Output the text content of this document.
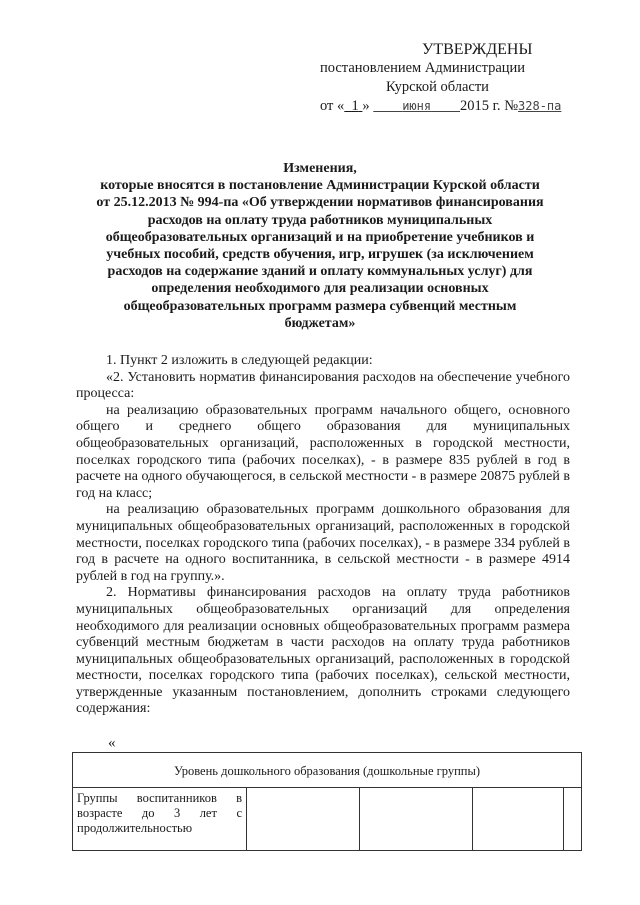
УТВЕРЖДЕНЫ
постановлением Администрации
Курской области
от « 1 »	июня 2015 г. №328-па
Изменения,
которые вносятся в постановление Администрации Курской области
от 25.12.2013 № 994-па «Об утверждении нормативов финансирования
расходов на оплату труда работников муниципальных
общеобразовательных организаций и на приобретение учебников и
учебных пособий, средств обучения, игр, игрушек (за исключением
расходов на содержание зданий и оплату коммунальных услуг) для
определения необходимого для реализации основных
общеобразовательных программ размера субвенций местным
бюджетам»

1. Пункт 2 изложить в следующей редакции:

«2. Установить норматив финансирования расходов на обеспечение учебного процесса:

на реализацию образовательных программ начального общего, основного общего и среднего общего образования для муниципальных общеобразовательных организаций, расположенных в городской местности, поселках городского типа (рабочих поселках), - в размере 835 рублей в год в расчете на одного обучающегося, в сельской местности - в размере 20875 рублей в год на класс;

на реализацию образовательных программ дошкольного образования для муниципальных общеобразовательных организаций, расположенных в городской местности, поселках городского типа (рабочих поселках), - в размере 334 рублей в год в расчете на одного воспитанника, в сельской местности - в размере 4914 рублей в год на группу.».

2. Нормативы финансирования расходов на оплату труда работников муниципальных общеобразовательных организаций для определения необходимого для реализации основных общеобразовательных программ размера субвенций местным бюджетам в части расходов на оплату труда работников муниципальных общеобразовательных организаций, расположенных в городской местности, поселках городского типа (рабочих поселках), сельской местности, утвержденные указанным постановлением, дополнить строками следующего содержания:

«
Уровень дошкольного образования (дошкольные группы)
Группы воспитанников в возрасте до 3 лет с продолжительностью				
